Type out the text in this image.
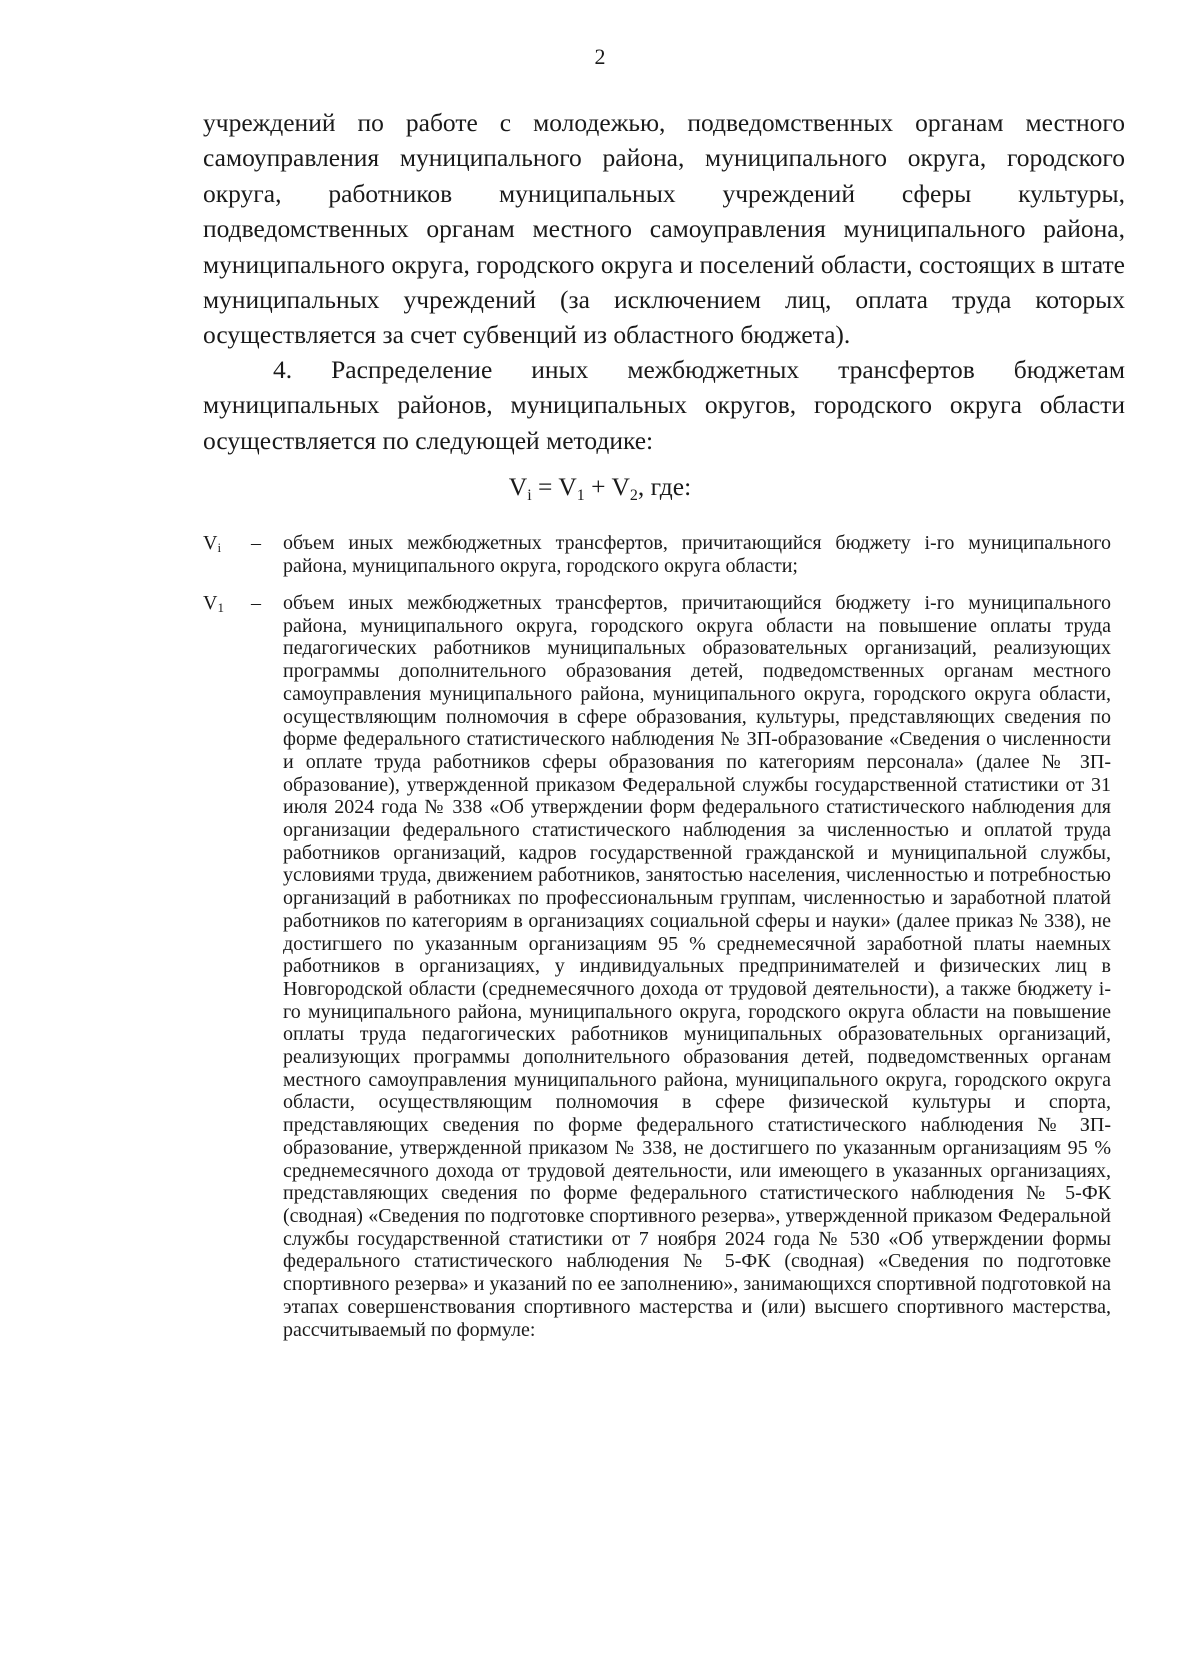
2

учреждений по работе с молодежью, подведомственных органам местного самоуправления муниципального района, муниципального округа, городского округа, работников муниципальных учреждений сферы культуры, подведомственных органам местного самоуправления муниципального района, муниципального округа, городского округа и поселений области, состоящих в штате муниципальных учреждений (за исключением лиц, оплата труда которых осуществляется за счет субвенций из областного бюджета).

4. Распределение иных межбюджетных трансфертов бюджетам муниципальных районов, муниципальных округов, городского округа области осуществляется по следующей методике:

$V_i = V_1 + V_2$, где:
$V_i$	–	объем иных межбюджетных трансфертов, причитающийся бюджету i-го муниципального района, муниципального округа, городского округа области;

$V_1$	–	объем иных межбюджетных трансфертов, причитающийся бюджету i-го муниципального района, муниципального округа, городского округа области на повышение оплаты труда педагогических работников муниципальных образовательных организаций, реализующих программы дополнительного образования детей, подведомственных органам местного самоуправления муниципального района, муниципального округа, городского округа области, осуществляющим полномочия в сфере образования, культуры, представляющих сведения по форме федерального статистического наблюдения № ЗП-образование «Сведения о численности и оплате труда работников сферы образования по категориям персонала» (далее № ЗП-образование), утвержденной приказом Федеральной службы государственной статистики от 31 июля 2024 года № 338 «Об утверждении форм федерального статистического наблюдения для организации федерального статистического наблюдения за численностью и оплатой труда работников организаций, кадров государственной гражданской и муниципальной службы, условиями труда, движением работников, занятостью населения, численностью и потребностью организаций в работниках по профессиональным группам, численностью и заработной платой работников по категориям в организациях социальной сферы и науки» (далее приказ № 338), не достигшего по указанным организациям 95 % среднемесячной заработной платы наемных работников в организациях, у индивидуальных предпринимателей и физических лиц в Новгородской области (среднемесячного дохода от трудовой деятельности), а также бюджету i-го муниципального района, муниципального округа, городского округа области на повышение оплаты труда педагогических работников муниципальных образовательных организаций, реализующих программы дополнительного образования детей, подведомственных органам местного самоуправления муниципального района, муниципального округа, городского округа области, осуществляющим полномочия в сфере физической культуры и спорта, представляющих сведения по форме федерального статистического наблюдения № ЗП-образование, утвержденной приказом № 338, не достигшего по указанным организациям 95 % среднемесячного дохода от трудовой деятельности, или имеющего в указанных организациях, представляющих сведения по форме федерального статистического наблюдения № 5-ФК (сводная) «Сведения по подготовке спортивного резерва», утвержденной приказом Федеральной службы государственной статистики от 7 ноября 2024 года № 530 «Об утверждении формы федерального статистического наблюдения № 5-ФК (сводная) «Сведения по подготовке спортивного резерва» и указаний по ее заполнению», занимающихся спортивной подготовкой на этапах совершенствования спортивного мастерства и (или) высшего спортивного мастерства, рассчитываемый по формуле:
